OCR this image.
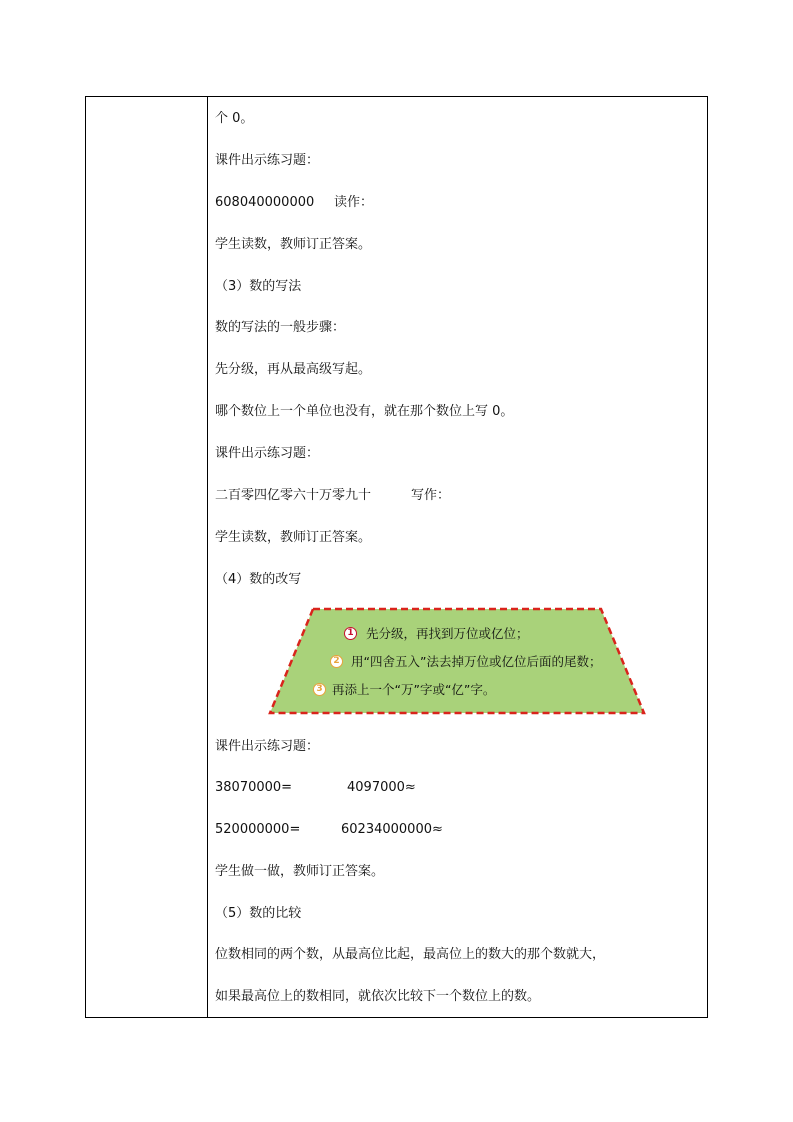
个 0。
课件出示练习题：
608040000000 读作：
学生读数，教师订正答案。
（3）数的写法
数的写法的一般步骤：
先分级，再从最高级写起。
哪个数位上一个单位也没有，就在那个数位上写 0。
课件出示练习题：
二百零四亿零六十万零九十	写作：
学生读数，教师订正答案。
（4）数的改写
1 先分级，再找到万位或亿位；
2 用“四舍五入”法去掉万位或亿位后面的尾数；
3 再添上一个“万”字或“亿”字。
课件出示练习题：
38070000=	4097000≈
520000000=	60234000000≈
学生做一做，教师订正答案。
（5）数的比较
位数相同的两个数，从最高位比起，最高位上的数大的那个数就大，
如果最高位上的数相同，就依次比较下一个数位上的数。
